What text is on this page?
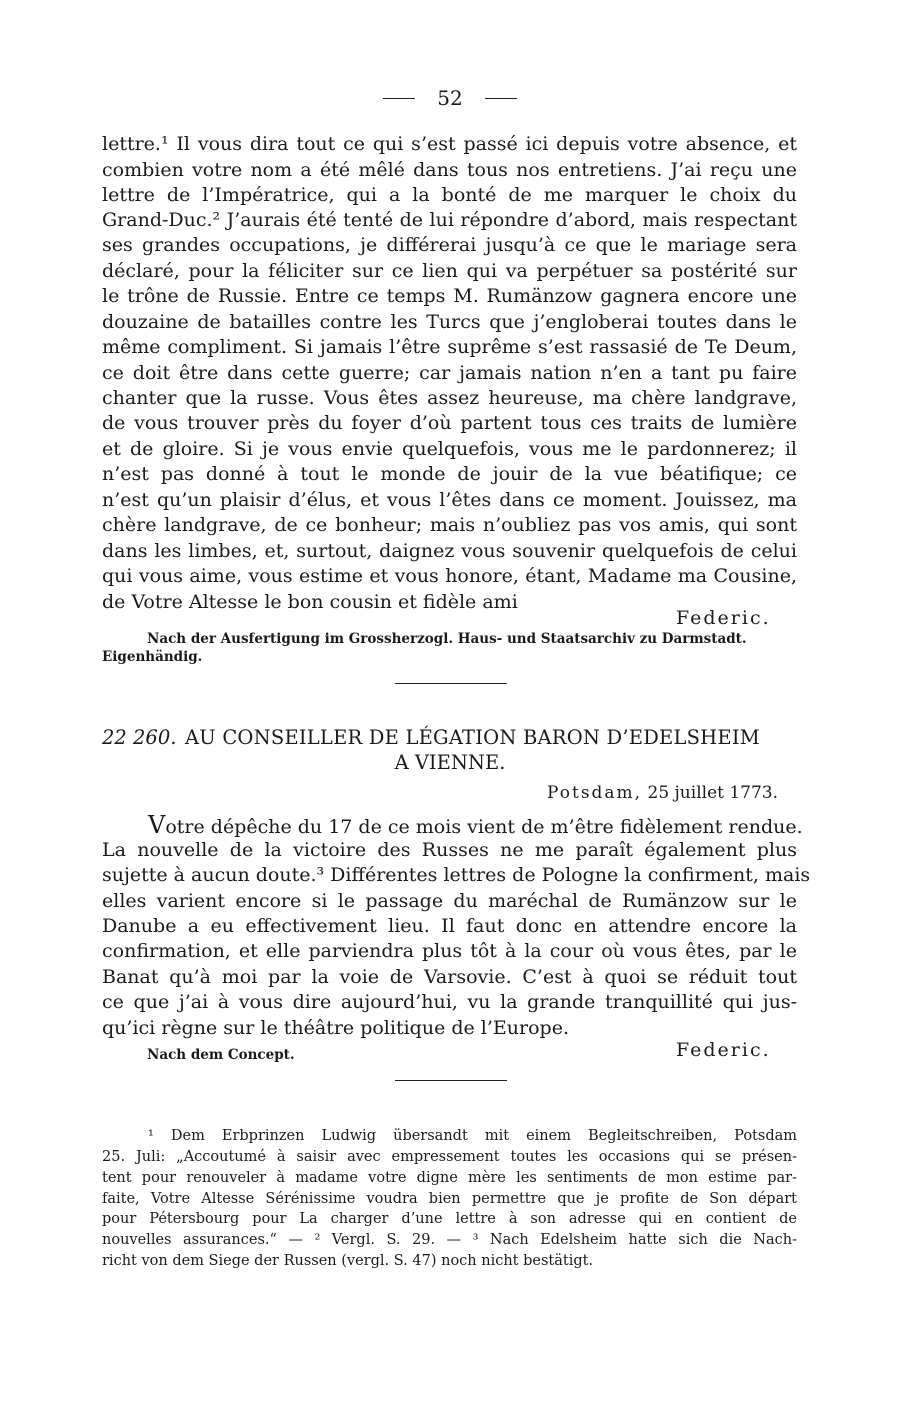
52
lettre.¹ Il vous dira tout ce qui s’est passé ici depuis votre absence, et
combien votre nom a été mêlé dans tous nos entretiens. J’ai reçu une
lettre de l’Impératrice, qui a la bonté de me marquer le choix du
Grand-Duc.² J’aurais été tenté de lui répondre d’abord, mais respectant
ses grandes occupations, je différerai jusqu’à ce que le mariage sera
déclaré, pour la féliciter sur ce lien qui va perpétuer sa postérité sur
le trône de Russie. Entre ce temps M. Rumänzow gagnera encore une
douzaine de batailles contre les Turcs que j’engloberai toutes dans le
même compliment. Si jamais l’être suprême s’est rassasié de Te Deum,
ce doit être dans cette guerre; car jamais nation n’en a tant pu faire
chanter que la russe. Vous êtes assez heureuse, ma chère landgrave,
de vous trouver près du foyer d’où partent tous ces traits de lumière
et de gloire. Si je vous envie quelquefois, vous me le pardonnerez; il
n’est pas donné à tout le monde de jouir de la vue béatifique; ce
n’est qu’un plaisir d’élus, et vous l’êtes dans ce moment. Jouissez, ma
chère landgrave, de ce bonheur; mais n’oubliez pas vos amis, qui sont
dans les limbes, et, surtout, daignez vous souvenir quelquefois de celui
qui vous aime, vous estime et vous honore, étant, Madame ma Cousine,
de Votre Altesse le bon cousin et fidèle ami
Federic.
Nach der Ausfertigung im Grossherzogl. Haus- und Staatsarchiv zu Darmstadt.
Eigenhändig.
22 260. AU CONSEILLER DE LÉGATION BARON D’EDELSHEIM
A VIENNE.
Potsdam, 25 juillet 1773.
Votre dépêche du 17 de ce mois vient de m’être fidèlement rendue.
La nouvelle de la victoire des Russes ne me paraît également plus
sujette à aucun doute.³ Différentes lettres de Pologne la confirment, mais
elles varient encore si le passage du maréchal de Rumänzow sur le
Danube a eu effectivement lieu. Il faut donc en attendre encore la
confirmation, et elle parviendra plus tôt à la cour où vous êtes, par le
Banat qu’à moi par la voie de Varsovie. C’est à quoi se réduit tout
ce que j’ai à vous dire aujourd’hui, vu la grande tranquillité qui jus-
qu’ici règne sur le théâtre politique de l’Europe.
Nach dem Concept.	Federic.
¹ Dem Erbprinzen Ludwig übersandt mit einem Begleitschreiben, Potsdam
25. Juli: „Accoutumé à saisir avec empressement toutes les occasions qui se présen-
tent pour renouveler à madame votre digne mère les sentiments de mon estime par-
faite, Votre Altesse Sérénissime voudra bien permettre que je profite de Son départ
pour Pétersbourg pour La charger d’une lettre à son adresse qui en contient de
nouvelles assurances.“ — ² Vergl. S. 29. — ³ Nach Edelsheim hatte sich die Nach-
richt von dem Siege der Russen (vergl. S. 47) noch nicht bestätigt.
